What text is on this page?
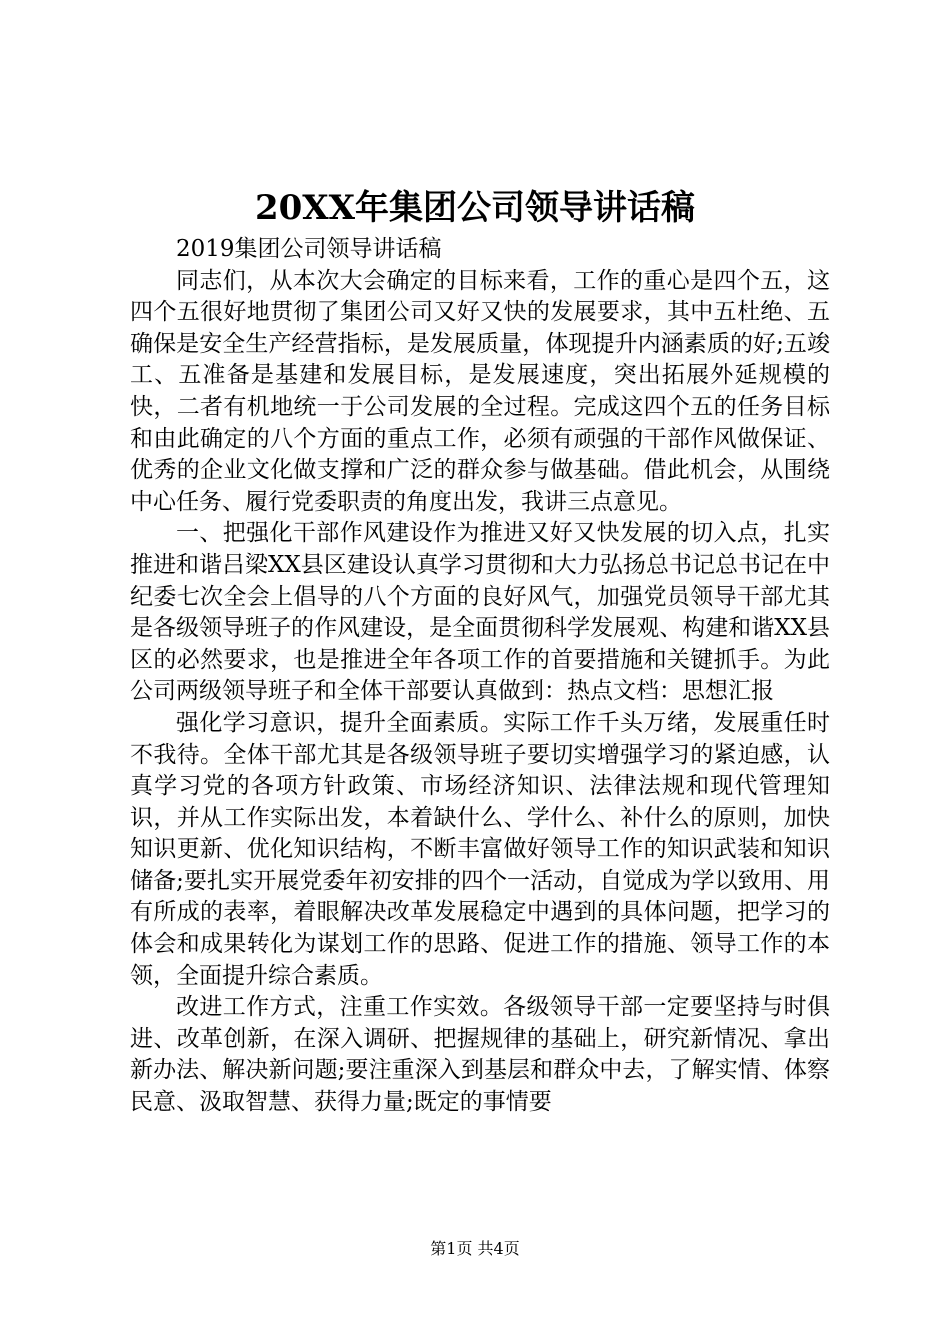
20XX年集团公司领导讲话稿

2019集团公司领导讲话稿

同志们，从本次大会确定的目标来看，工作的重心是四个五，这四个五很好地贯彻了集团公司又好又快的发展要求，其中五杜绝、五确保是安全生产经营指标，是发展质量，体现提升内涵素质的好;五竣工、五准备是基建和发展目标，是发展速度，突出拓展外延规模的快，二者有机地统一于公司发展的全过程。完成这四个五的任务目标和由此确定的八个方面的重点工作，必须有顽强的干部作风做保证、优秀的企业文化做支撑和广泛的群众参与做基础。借此机会，从围绕中心任务、履行党委职责的角度出发，我讲三点意见。

一、把强化干部作风建设作为推进又好又快发展的切入点，扎实推进和谐吕梁XX县区建设认真学习贯彻和大力弘扬总书记总书记在中纪委七次全会上倡导的八个方面的良好风气，加强党员领导干部尤其是各级领导班子的作风建设，是全面贯彻科学发展观、构建和谐XX县区的必然要求，也是推进全年各项工作的首要措施和关键抓手。为此公司两级领导班子和全体干部要认真做到：热点文档：思想汇报

强化学习意识，提升全面素质。实际工作千头万绪，发展重任时不我待。全体干部尤其是各级领导班子要切实增强学习的紧迫感，认真学习党的各项方针政策、市场经济知识、法律法规和现代管理知识，并从工作实际出发，本着缺什么、学什么、补什么的原则，加快知识更新、优化知识结构，不断丰富做好领导工作的知识武装和知识储备;要扎实开展党委年初安排的四个一活动，自觉成为学以致用、用有所成的表率，着眼解决改革发展稳定中遇到的具体问题，把学习的体会和成果转化为谋划工作的思路、促进工作的措施、领导工作的本领，全面提升综合素质。

改进工作方式，注重工作实效。各级领导干部一定要坚持与时俱进、改革创新，在深入调研、把握规律的基础上，研究新情况、拿出新办法、解决新问题;要注重深入到基层和群众中去，了解实情、体察民意、汲取智慧、获得力量;既定的事情要

第1页 共4页
